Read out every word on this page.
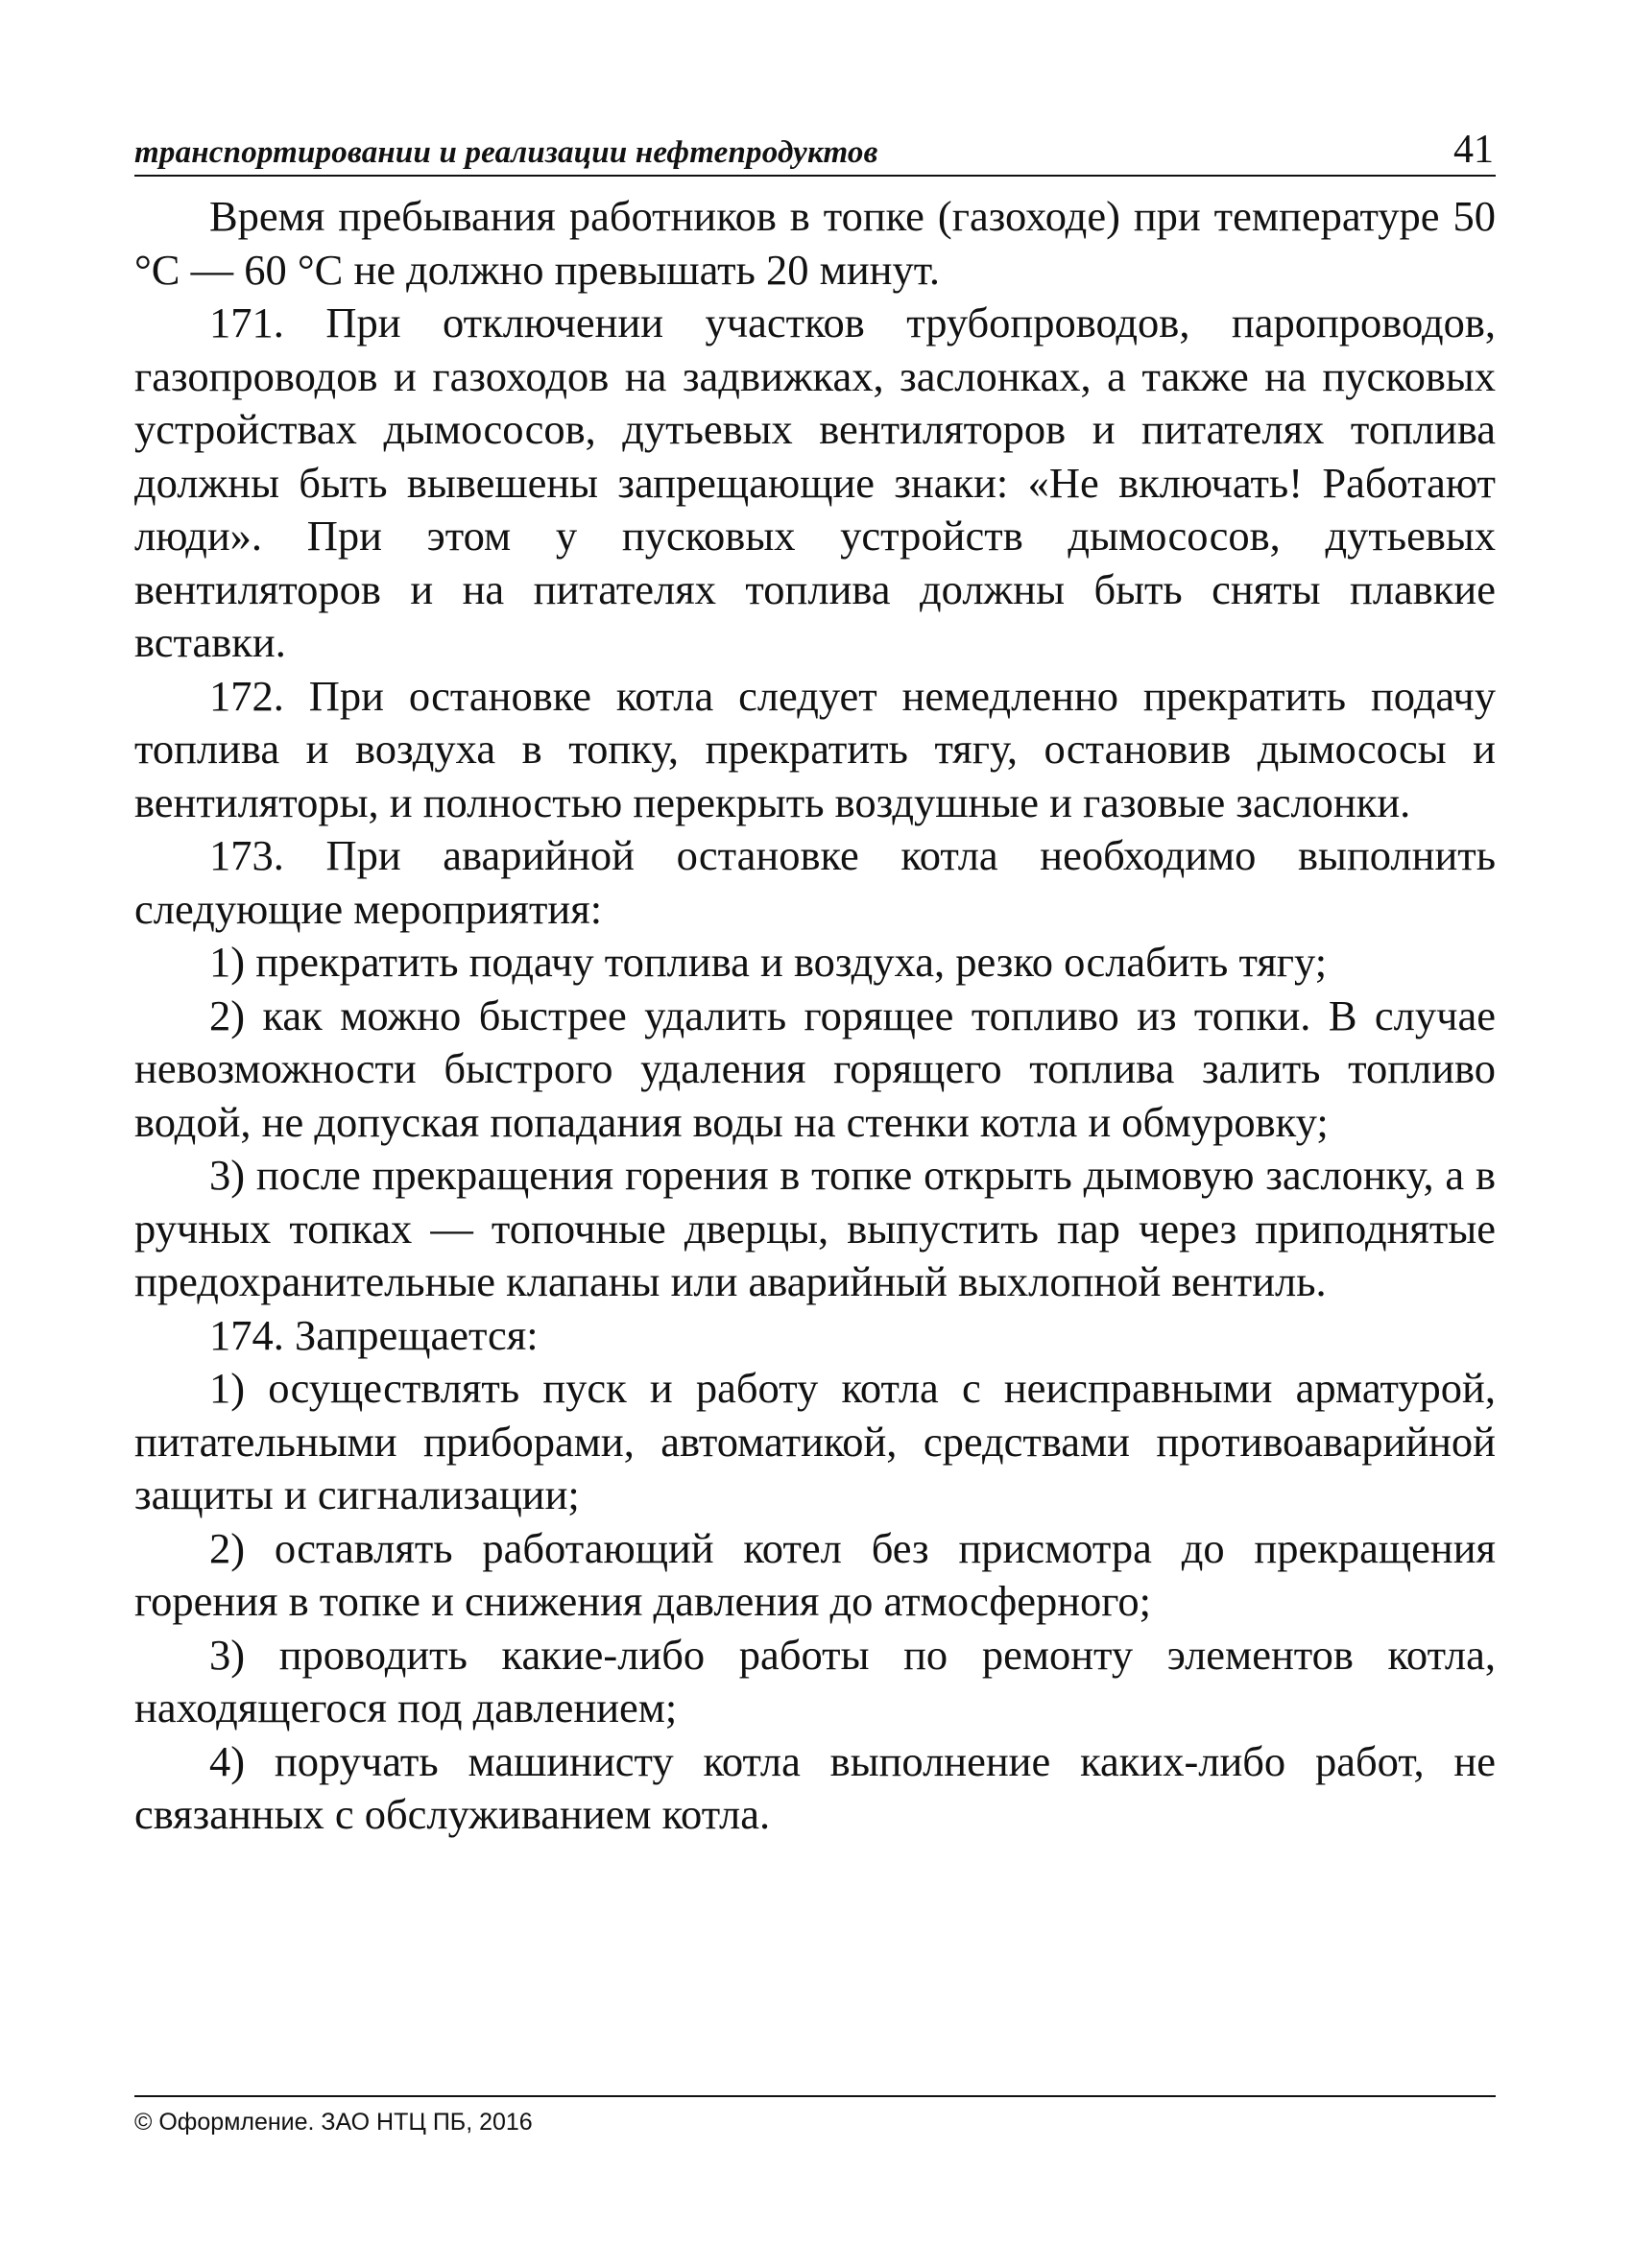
транспортировании и реализации нефтепродуктов	41

Время пребывания работников в топке (газоходе) при температуре 50 °С — 60 °С не должно превышать 20 минут.

171. При отключении участков трубопроводов, паропроводов, газопроводов и газоходов на задвижках, заслонках, а также на пусковых устройствах дымососов, дутьевых вентиляторов и питателях топлива должны быть вывешены запрещающие знаки: «Не включать! Работают люди». При этом у пусковых устройств дымососов, дутьевых вентиляторов и на питателях топлива должны быть сняты плавкие вставки.

172. При остановке котла следует немедленно прекратить подачу топлива и воздуха в топку, прекратить тягу, остановив дымососы и вентиляторы, и полностью перекрыть воздушные и газовые заслонки.

173. При аварийной остановке котла необходимо выполнить следующие мероприятия:

1) прекратить подачу топлива и воздуха, резко ослабить тягу;

2) как можно быстрее удалить горящее топливо из топки. В случае невозможности быстрого удаления горящего топлива залить топливо водой, не допуская попадания воды на стенки котла и обмуровку;

3) после прекращения горения в топке открыть дымовую заслонку, а в ручных топках — топочные дверцы, выпустить пар через приподнятые предохранительные клапаны или аварийный выхлопной вентиль.

174. Запрещается:

1) осуществлять пуск и работу котла с неисправными арматурой, питательными приборами, автоматикой, средствами противоаварийной защиты и сигнализации;

2) оставлять работающий котел без присмотра до прекращения горения в топке и снижения давления до атмосферного;

3) проводить какие-либо работы по ремонту элементов котла, находящегося под давлением;

4) поручать машинисту котла выполнение каких-либо работ, не связанных с обслуживанием котла.

© Оформление. ЗАО НТЦ ПБ, 2016
